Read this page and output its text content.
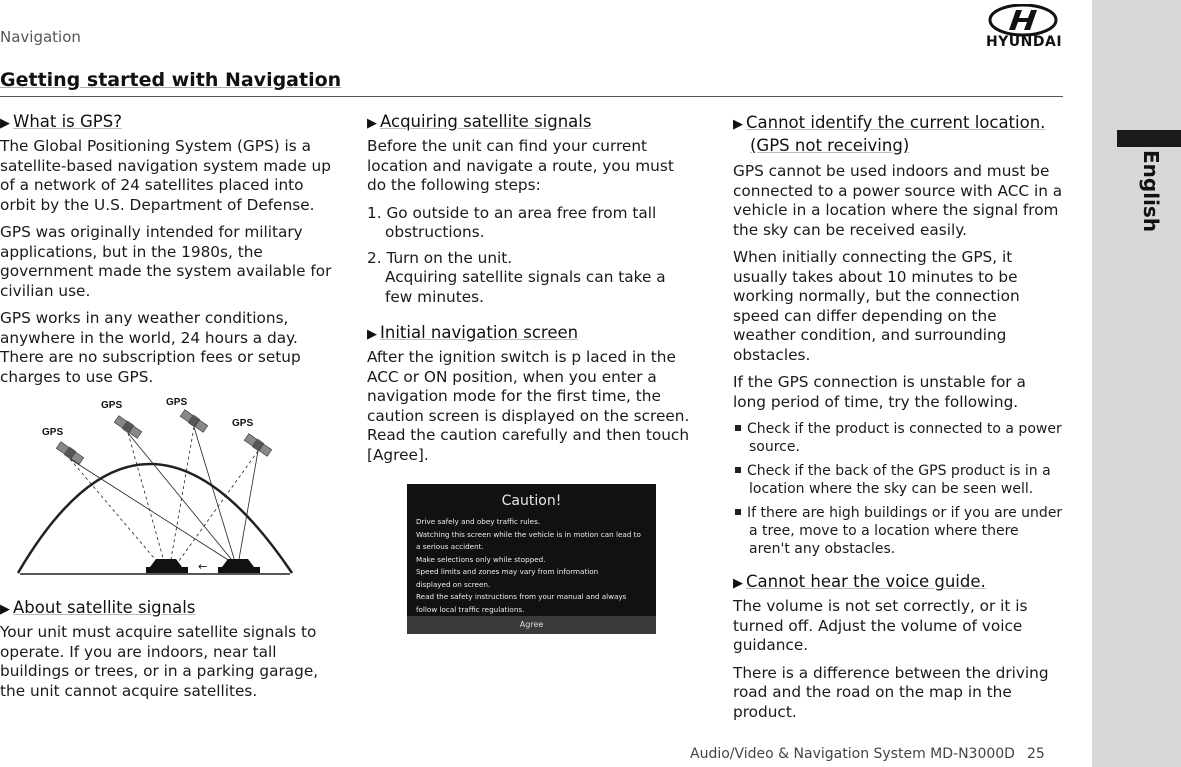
Navigation	HYUNDAI
Getting started with Navigation
English
▶ What is GPS?

The Global Positioning System (GPS) is a satellite-based navigation system made up of a network of 24 satellites placed into orbit by the U.S. Department of Defense.

GPS was originally intended for military applications, but in the 1980s, the government made the system available for civilian use.

GPS works in any weather conditions, anywhere in the world, 24 hours a day. There are no subscription fees or setup charges to use GPS.

GPS
GPS	GPS
GPS
←
▶ About satellite signals

Your unit must acquire satellite signals to operate. If you are indoors, near tall buildings or trees, or in a parking garage, the unit cannot acquire satellites.

▶ Acquiring satellite signals

Before the unit can find your current location and navigate a route, you must do the following steps:

1. Go outside to an area free from tall obstructions.
2. Turn on the unit.
Acquiring satellite signals can take a few minutes.
▶ Initial navigation screen

After the ignition switch is p laced in the ACC or ON position, when you enter a navigation mode for the first time, the caution screen is displayed on the screen. Read the caution carefully and then touch [Agree].

Caution!
Drive safely and obey traffic rules.
Watching this screen while the vehicle is in motion can lead to
a serious accident.
Make selections only while stopped.
Speed limits and zones may vary from information
displayed on screen.
Read the safety instructions from your manual and always
follow local traffic regulations.
Agree
▶ Cannot identify the current location.
(GPS not receiving)

GPS cannot be used indoors and must be connected to a power source with ACC in a vehicle in a location where the signal from the sky can be received easily.

When initially connecting the GPS, it usually takes about 10 minutes to be working normally, but the connection speed can differ depending on the weather condition, and surrounding obstacles.

If the GPS connection is unstable for a long period of time, try the following.

Check if the product is connected to a power source.
Check if the back of the GPS product is in a location where the sky can be seen well.
If there are high buildings or if you are under a tree, move to a location where there aren't any obstacles.
▶ Cannot hear the voice guide.

The volume is not set correctly, or it is turned off. Adjust the volume of voice guidance.

There is a difference between the driving road and the road on the map in the product.

Audio/Video & Navigation System MD-N3000D 25
